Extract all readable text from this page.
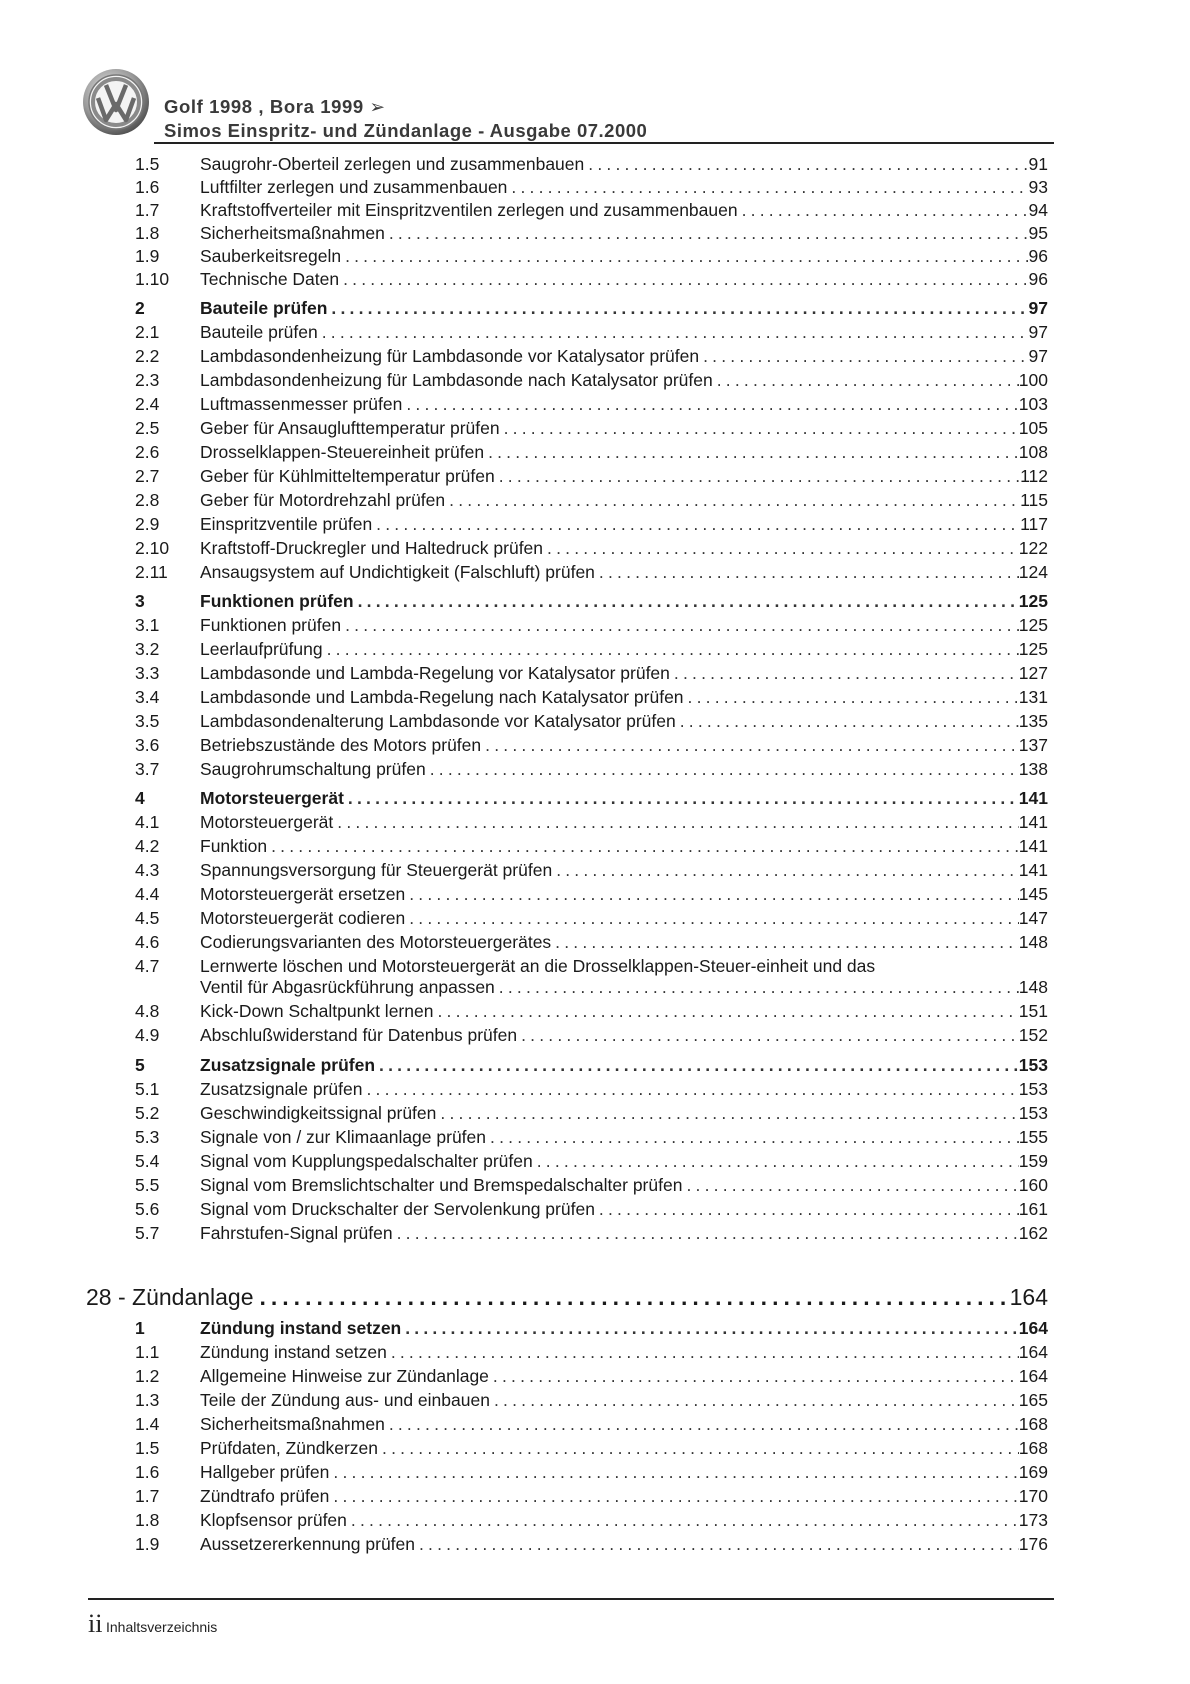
Golf 1998 , Bora 1999 ➢
Simos Einspritz- und Zündanlage - Ausgabe 07.2000
1.5 Saugrohr-Oberteil zerlegen und zusammenbauen .....	91
1.6 Luftfilter zerlegen und zusammenbauen .....	93
1.7 Kraftstoffverteiler mit Einspritzventilen zerlegen und zusammenbauen .....	94
1.8 Sicherheitsmaßnahmen .....	95
1.9 Sauberkeitsregeln .....	96
1.10 Technische Daten .....	96
2	Bauteile prüfen .....	97
2.1 Bauteile prüfen .....	97
2.2 Lambdasondenheizung für Lambdasonde vor Katalysator prüfen .....	97
2.3 Lambdasondenheizung für Lambdasonde nach Katalysator prüfen .....	100
2.4 Luftmassenmesser prüfen .....	103
2.5 Geber für Ansauglufttemperatur prüfen .....	105
2.6 Drosselklappen-Steuereinheit prüfen .....	108
2.7 Geber für Kühlmitteltemperatur prüfen .....	112
2.8 Geber für Motordrehzahl prüfen .....	115
2.9 Einspritzventile prüfen .....	117
2.10 Kraftstoff-Druckregler und Haltedruck prüfen .....	122
2.11 Ansaugsystem auf Undichtigkeit (Falschluft) prüfen .....	124
3	Funktionen prüfen .....	125
3.1 Funktionen prüfen .....	125
3.2 Leerlaufprüfung .....	125
3.3 Lambdasonde und Lambda-Regelung vor Katalysator prüfen .....	127
3.4 Lambdasonde und Lambda-Regelung nach Katalysator prüfen .....	131
3.5 Lambdasondenalterung Lambdasonde vor Katalysator prüfen .....	135
3.6 Betriebszustände des Motors prüfen .....	137
3.7 Saugrohrumschaltung prüfen .....	138
4	Motorsteuergerät .....	141
4.1 Motorsteuergerät .....	141
4.2 Funktion .....	141
4.3 Spannungsversorgung für Steuergerät prüfen .....	141
4.4 Motorsteuergerät ersetzen .....	145
4.5 Motorsteuergerät codieren .....	147
4.6 Codierungsvarianten des Motorsteuergerätes .....	148
4.7 Lernwerte löschen und Motorsteuergerät an die Drosselklappen-Steuer-einheit und das
Ventil für Abgasrückführung anpassen .....	148
4.8 Kick-Down Schaltpunkt lernen .....	151
4.9 Abschlußwiderstand für Datenbus prüfen .....	152
5	Zusatzsignale prüfen .....	153
5.1 Zusatzsignale prüfen .....	153
5.2 Geschwindigkeitssignal prüfen .....	153
5.3 Signale von / zur Klimaanlage prüfen .....	155
5.4 Signal vom Kupplungspedalschalter prüfen .....	159
5.5 Signal vom Bremslichtschalter und Bremspedalschalter prüfen .....	160
5.6 Signal vom Druckschalter der Servolenkung prüfen .....	161
5.7 Fahrstufen-Signal prüfen .....	162
28 - Zündanlage .....	164
1	Zündung instand setzen .....	164
1.1 Zündung instand setzen .....	164
1.2 Allgemeine Hinweise zur Zündanlage .....	164
1.3 Teile der Zündung aus- und einbauen .....	165
1.4 Sicherheitsmaßnahmen .....	168
1.5 Prüfdaten, Zündkerzen .....	168
1.6 Hallgeber prüfen .....	169
1.7 Zündtrafo prüfen .....	170
1.8 Klopfsensor prüfen .....	173
1.9 Aussetzererkennung prüfen .....	176
ii Inhaltsverzeichnis
